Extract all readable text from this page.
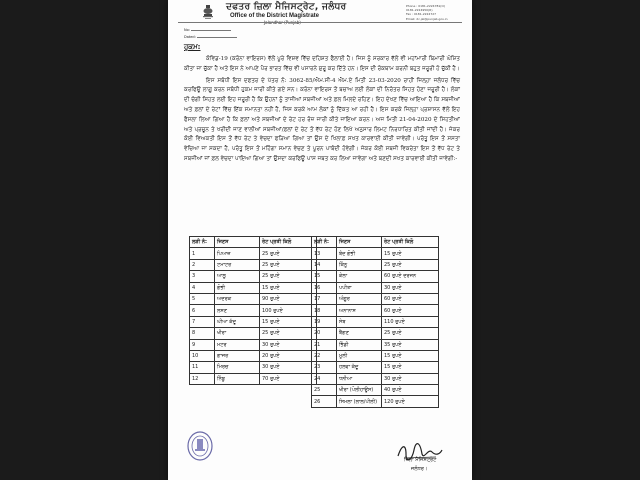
ਦਫਤਰ ਜ਼ਿਲਾ ਮੈਜਿਸਟ੍ਰੇਟ, ਜਲੰਧਰ
Office of the District Magistrate
Phone : 0181-2224781(O)
0181-2224950(R)
Fax : 0181-2224727
Email: dc.jal@punjab.gov.in
No:
Dated:
ਹੁਕਮ:

ਕੋਵਿਡ-19 (ਕਰੋਨਾ ਵਾਇਰਸ) ਵੱਲੋਂ ਪੂਰੇ ਵਿਸ਼ਵ ਵਿੱਚ ਦਹਿਸ਼ਤ ਫੈਲਾਈ ਹੈ। ਜਿਸ ਨੂੰ ਸਰਕਾਰ ਵੱਲੋਂ ਵੀ ਮਹਾਂਮਾਰੀ ਬਿਮਾਰੀ ਘੋਸ਼ਿਤ ਕੀਤਾ ਜਾ ਚੁੱਕਾ ਹੈ ਅਤੇ ਇਸ ਨੇ ਆਪਣੇ ਪੈਰ ਭਾਰਤ ਵਿੱਚ ਵੀ ਪਸਾਰਨੇ ਸ਼ੁਰੂ ਕਰ ਦਿੱਤੇ ਹਨ। ਇਸ ਦੀ ਰੋਕਥਾਮ ਕਰਨੀ ਬਹੁਤ ਜਰੂਰੀ ਹੋ ਚੁੱਕੀ ਹੈ।

ਇਸ ਸਬੰਧੀ ਇਸ ਦਫਤਰ ਦੇ ਪੱਤਰ ਨੰ: 3062-85/ਐਮ.ਸੀ-4 ਐਮ.ਏ ਮਿਤੀ 23-03-2020 ਰਾਹੀਂ ਜਿਲ੍ਹਾ ਜਲੰਧਰ ਵਿੱਚ ਕਰਫਿਊ ਲਾਗੂ ਕਰਨ ਸਬੰਧੀ ਹੁਕਮ ਜਾਰੀ ਕੀਤੇ ਗਏ ਸਨ। ਕਰੋਨਾ ਵਾਇਰਸ ਤੋਂ ਬਚਾਅ ਲਈ ਲੋਕਾਂ ਦੀ ਨਿਰੰਤਰ ਸਿਹਤ ਹੋਣਾ ਜਰੂਰੀ ਹੈ। ਲੋਕਾਂ ਦੀ ਚੰਗੀ ਸਿਹਤ ਲਈ ਇਹ ਜਰੂਰੀ ਹੈ ਕਿ ਉਹਨਾਂ ਨੂੰ ਤਾਜੀਆਂ ਸਬਜੀਆਂ ਅਤੇ ਫ਼ਲ ਮਿਲਦੇ ਰਹਿਣ। ਇਹ ਦੇਖਣ ਵਿੱਚ ਆਇਆ ਹੈ ਕਿ ਸਬਜੀਆਂ ਅਤੇ ਫ਼ਲਾਂ ਦੇ ਰੇਟਾਂ ਵਿੱਚ ਇੱਕ ਸਮਾਨਤਾ ਨਹੀਂ ਹੈ, ਜਿਸ ਕਰਕੇ ਆਮ ਲੋਕਾਂ ਨੂੰ ਦਿੱਕਤ ਆ ਰਹੀ ਹੈ। ਇਸ ਕਰਕੇ ਜਿਲ੍ਹਾ ਪ੍ਰਸ਼ਾਸਨ ਵੱਲੋਂ ਇਹ ਫੈਸਲਾ ਲਿਆ ਗਿਆ ਹੈ ਕਿ ਫ਼ਲਾਂ ਅਤੇ ਸਬਜੀਆਂ ਦੇ ਰੇਟ ਹਰ ਰੋਜ਼ ਜਾਰੀ ਕੀਤੇ ਜਾਇਆ ਕਰਨ। ਅਜ ਮਿਤੀ 21-04-2020 ਦੇ ਸਿਹਤੀਆਂ ਅਤੇ ਪ੍ਰਚੂਨ ਤੇ ਖਰੀਦੀ ਜਾਣ ਵਾਲੀਆਂ ਸਬਜੀਆਂ/ਫ਼ਲਾਂ ਦੇ ਰੇਟ ਤੋਂ ਵੱਧ ਰੇਟ ਹੋਣ ਲਿਖੇ ਅਨੁਸਾਰ ਲਿਮਟ ਨਿਰਧਾਰਿਤ ਕੀਤੀ ਜਾਂਦੀ ਹੈ। ਜੇਕਰ ਕੋਈ ਵਿਅਕਤੀ ਇਸ ਤੋਂ ਵੱਧ ਰੇਟ ਤੇ ਵੇਚਦਾ ਫੜਿਆ ਗਿਆ ਤਾਂ ਉਸ ਦੇ ਖਿਲਾਫ਼ ਸਖਤ ਕਾਰਵਾਈ ਕੀਤੀ ਜਾਵੇਗੀ। ਪਰੰਤੂ ਇਸ ਤੋਂ ਸਸਤਾ ਵੇਚਿਆ ਜਾ ਸਕਦਾ ਹੈ, ਪਰੰਤੂ ਇਸ ਤੋਂ ਮਹਿੰਗਾ ਸਮਾਨ ਵੇਚਣ ਤੇ ਪੂਰਨ ਪਾਬੰਦੀ ਹੋਵੇਗੀ। ਜੇਕਰ ਕੋਈ ਸਬਜੀ ਵਿਕਰੇਤਾ ਇਸ ਤੋਂ ਵੱਧ ਰੇਟ ਤੇ ਸਬਜੀਆਂ ਜਾਂ ਫ਼ਲ ਵੇਚਦਾ ਪਾਇਆ ਗਿਆ ਤਾਂ ਉਸਦਾ ਕਰਫਿਊ ਪਾਸ ਜਬਤ ਕਰ ਲਿਆ ਜਾਵੇਗਾ ਅਤੇ ਬਣਦੀ ਸਖਤ ਕਾਰਵਾਈ ਕੀਤੀ ਜਾਵੇਗੀ:-

ਲੜੀ ਨੰ:	ਜਿਣਸ	ਰੇਟ ਪ੍ਰਤੀ ਕਿਲੋ
1	ਪਿਆਜ਼	25 ਰੁਪਏ
2	ਟਮਾਟਰ	25 ਰੁਪਏ
3	ਆਲੂ	25 ਰੁਪਏ
4	ਗੋਭੀ	15 ਰੁਪਏ
5	ਅਦਰਕ	90 ਰੁਪਏ
6	ਲਸਣ	100 ਰੁਪਏ
7	ਘੀਆ ਕੱਦੂ	15 ਰੁਪਏ
8	ਖੀਰਾ	25 ਰੁਪਏ
9	ਮਟਰ	30 ਰੁਪਏ
10	ਗਾਜਰ	20 ਰੁਪਏ
11	ਮਿਰਚ	30 ਰੁਪਏ
12	ਨਿੰਬੂ	70 ਰੁਪਏ
ਲੜੀ ਨੰ:	ਜਿਣਸ	ਰੇਟ ਪ੍ਰਤੀ ਕਿਲੋ
13	ਬੰਦ ਗੋਭੀ	15 ਰੁਪਏ
14	ਕਿੰਨੂ	25 ਰੁਪਏ
15	ਕੇਲਾ	60 ਰੁਪਏ ਦਰਜਨ
16	ਪਪੀਤਾ	30 ਰੁਪਏ
17	ਅੰਗੂਰ	60 ਰੁਪਏ
18	ਅਨਾਨਾਸ	60 ਰੁਪਏ
19	ਸੇਬ	110 ਰੁਪਏ
20	ਬੈਂਗਣ	25 ਰੁਪਏ
21	ਭਿੰਡੀ	35 ਰੁਪਏ
22	ਮੂਲੀ	15 ਰੁਪਏ
23	ਹਲਵਾ ਕੱਦੂ	15 ਰੁਪਏ
24	ਧਨੀਆ	30 ਰੁਪਏ
25	ਖੀਰਾ (ਪੋਲੀਹਾਊਸ)	40 ਰੁਪਏ
26	ਸਿਮਲਾ (ਲਾਲ/ਪੀਲੀ)	120 ਰੁਪਏ
ਜ਼ਿਲਾ ਮੈਜਿਸਟ੍ਰੇਟ
ਜਲੰਧਰ।
